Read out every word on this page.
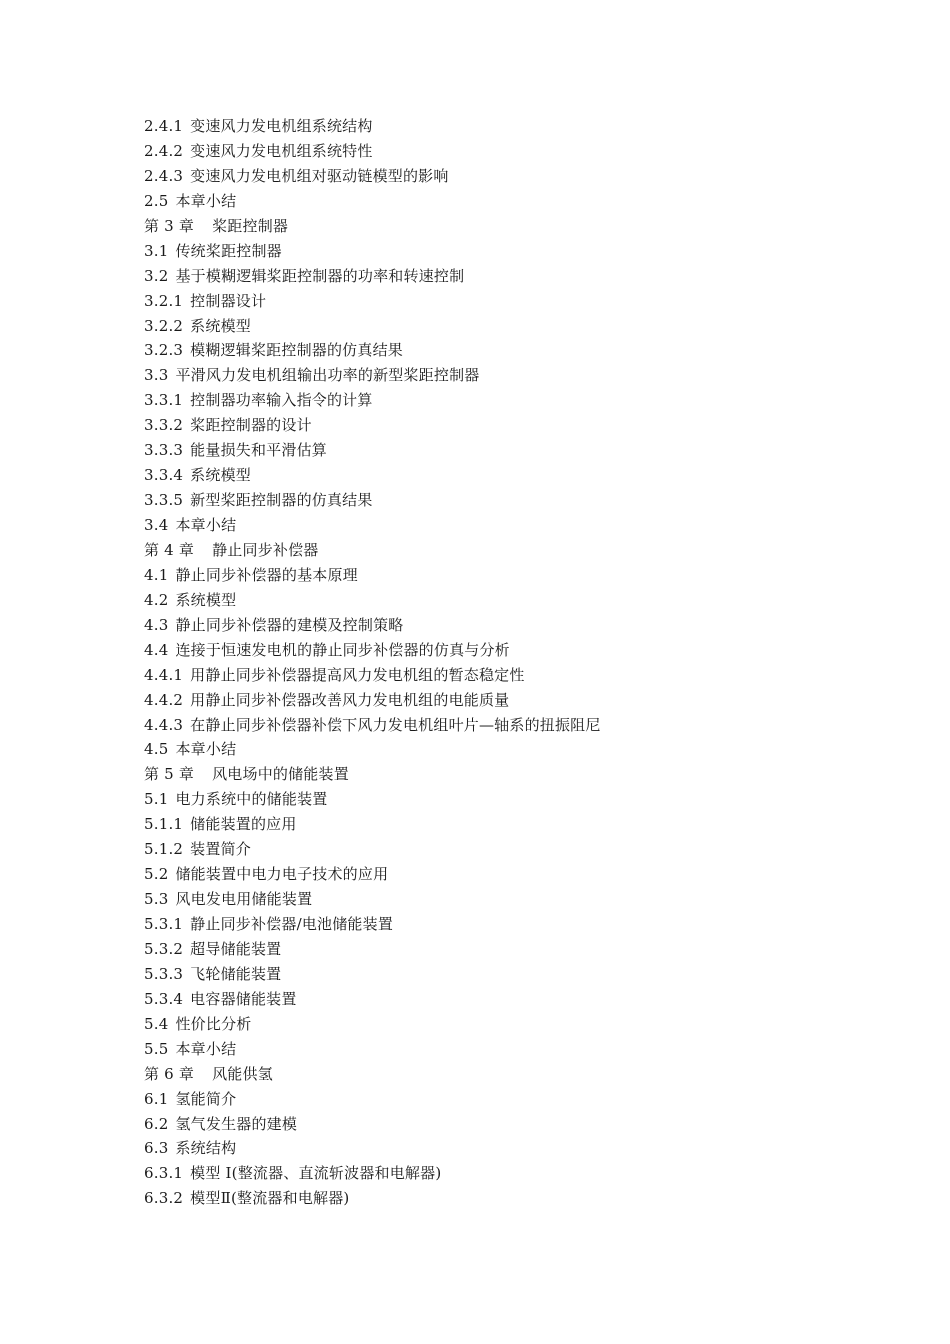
2.4.1 变速风力发电机组系统结构
2.4.2 变速风力发电机组系统特性
2.4.3 变速风力发电机组对驱动链模型的影响
2.5 本章小结
第 3 章 桨距控制器
3.1 传统桨距控制器
3.2 基于模糊逻辑桨距控制器的功率和转速控制
3.2.1 控制器设计
3.2.2 系统模型
3.2.3 模糊逻辑桨距控制器的仿真结果
3.3 平滑风力发电机组输出功率的新型桨距控制器
3.3.1 控制器功率输入指令的计算
3.3.2 桨距控制器的设计
3.3.3 能量损失和平滑估算
3.3.4 系统模型
3.3.5 新型桨距控制器的仿真结果
3.4 本章小结
第 4 章 静止同步补偿器
4.1 静止同步补偿器的基本原理
4.2 系统模型
4.3 静止同步补偿器的建模及控制策略
4.4 连接于恒速发电机的静止同步补偿器的仿真与分析
4.4.1 用静止同步补偿器提高风力发电机组的暂态稳定性
4.4.2 用静止同步补偿器改善风力发电机组的电能质量
4.4.3 在静止同步补偿器补偿下风力发电机组叶片—轴系的扭振阻尼
4.5 本章小结
第 5 章 风电场中的储能装置
5.1 电力系统中的储能装置
5.1.1 储能装置的应用
5.1.2 装置简介
5.2 储能装置中电力电子技术的应用
5.3 风电发电用储能装置
5.3.1 静止同步补偿器/电池储能装置
5.3.2 超导储能装置
5.3.3 飞轮储能装置
5.3.4 电容器储能装置
5.4 性价比分析
5.5 本章小结
第 6 章 风能供氢
6.1 氢能简介
6.2 氢气发生器的建模
6.3 系统结构
6.3.1 模型 I(整流器、直流斩波器和电解器)
6.3.2 模型Ⅱ(整流器和电解器)
